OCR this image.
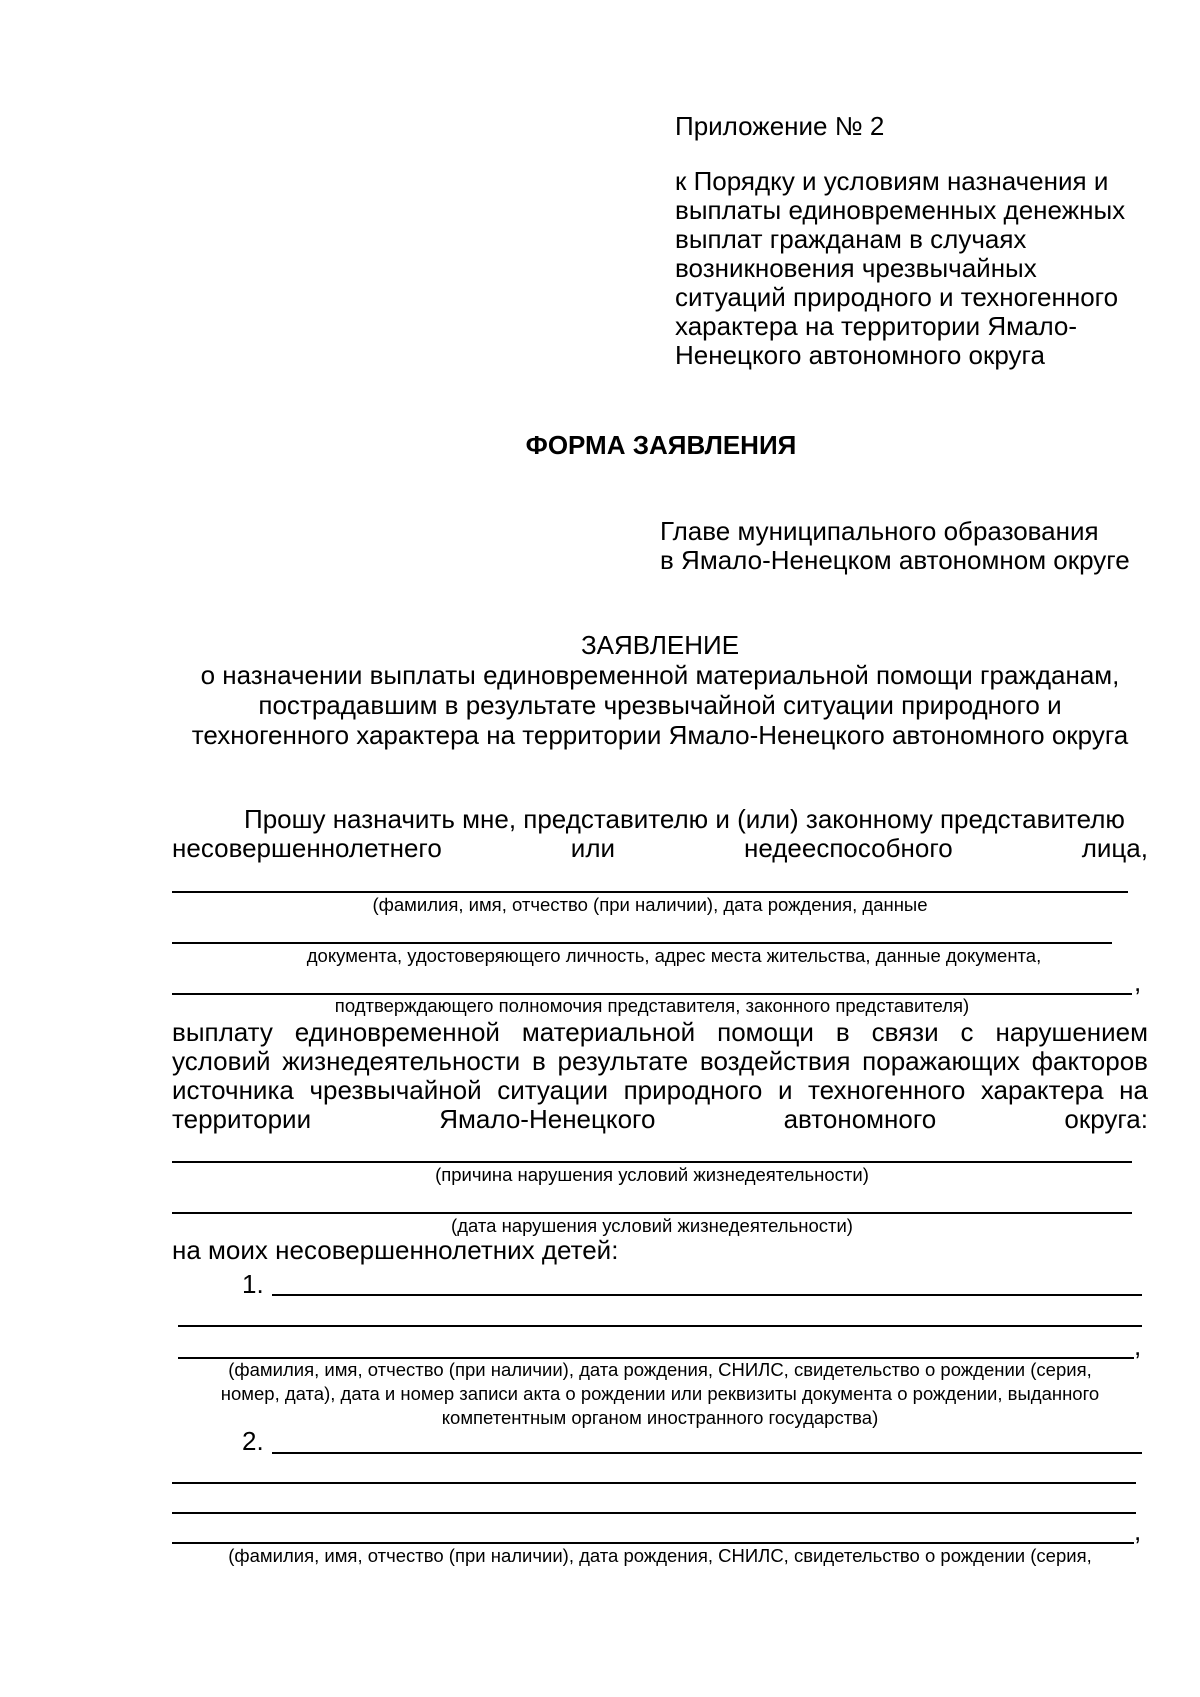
Приложение № 2
к Порядку и условиям назначения и
выплаты единовременных денежных
выплат гражданам в случаях
возникновения чрезвычайных
ситуаций природного и техногенного
характера на территории Ямало-
Ненецкого автономного округа
ФОРМА ЗАЯВЛЕНИЯ
Главе муниципального образования
в Ямало-Ненецком автономном округе
ЗАЯВЛЕНИЕ
о назначении выплаты единовременной материальной помощи гражданам,
пострадавшим в результате чрезвычайной ситуации природного и
техногенного характера на территории Ямало-Ненецкого автономного округа
Прошу назначить мне, представителю и (или) законному представителю
несовершеннолетнего	или	недееспособного	лица,
(фамилия, имя, отчество (при наличии), дата рождения, данные
документа, удостоверяющего личность, адрес места жительства, данные документа,
,
подтверждающего полномочия представителя, законного представителя)
выплату единовременной материальной помощи в связи с нарушением
условий жизнедеятельности в результате воздействия поражающих факторов
источника чрезвычайной ситуации природного и техногенного характера на
территории	Ямало-Ненецкого	автономного	округа:
(причина нарушения условий жизнедеятельности)
(дата нарушения условий жизнедеятельности)
на моих несовершеннолетних детей:
1.
,
(фамилия, имя, отчество (при наличии), дата рождения, СНИЛС, свидетельство о рождении (серия,
номер, дата), дата и номер записи акта о рождении или реквизиты документа о рождении, выданного
компетентным органом иностранного государства)
2.
,
(фамилия, имя, отчество (при наличии), дата рождения, СНИЛС, свидетельство о рождении (серия,
